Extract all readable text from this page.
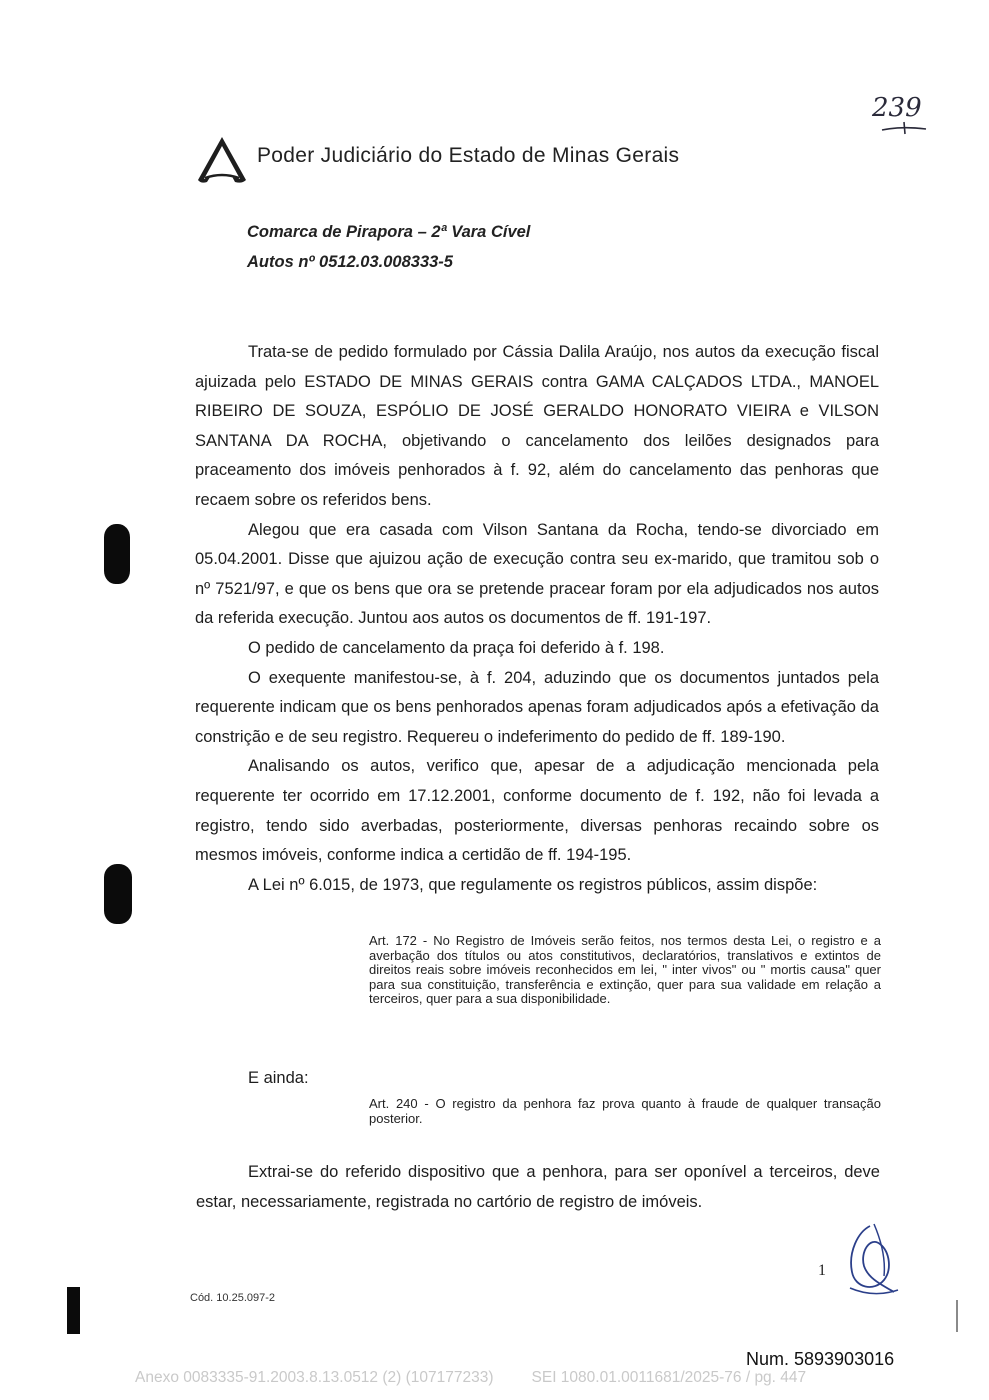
Poder Judiciário do Estado de Minas Gerais
239
Comarca de Pirapora – 2ª Vara Cível
Autos nº 0512.03.008333-5

Trata-se de pedido formulado por Cássia Dalila Araújo, nos autos da execução fiscal ajuizada pelo ESTADO DE MINAS GERAIS contra GAMA CALÇADOS LTDA., MANOEL RIBEIRO DE SOUZA, ESPÓLIO DE JOSÉ GERALDO HONORATO VIEIRA e VILSON SANTANA DA ROCHA, objetivando o cancelamento dos leilões designados para praceamento dos imóveis penhorados à f. 92, além do cancelamento das penhoras que recaem sobre os referidos bens.

Alegou que era casada com Vilson Santana da Rocha, tendo-se divorciado em 05.04.2001. Disse que ajuizou ação de execução contra seu ex-marido, que tramitou sob o nº 7521/97, e que os bens que ora se pretende pracear foram por ela adjudicados nos autos da referida execução. Juntou aos autos os documentos de ff. 191-197.

O pedido de cancelamento da praça foi deferido à f. 198.

O exequente manifestou-se, à f. 204, aduzindo que os documentos juntados pela requerente indicam que os bens penhorados apenas foram adjudicados após a efetivação da constrição e de seu registro. Requereu o indeferimento do pedido de ff. 189-190.

Analisando os autos, verifico que, apesar de a adjudicação mencionada pela requerente ter ocorrido em 17.12.2001, conforme documento de f. 192, não foi levada a registro, tendo sido averbadas, posteriormente, diversas penhoras recaindo sobre os mesmos imóveis, conforme indica a certidão de ff. 194-195.

A Lei nº 6.015, de 1973, que regulamente os registros públicos, assim dispõe:

Art. 172 - No Registro de Imóveis serão feitos, nos termos desta Lei, o registro e a averbação dos títulos ou atos constitutivos, declaratórios, translativos e extintos de direitos reais sobre imóveis reconhecidos em lei, " inter vivos" ou " mortis causa" quer para sua constituição, transferência e extinção, quer para sua validade em relação a terceiros, quer para a sua disponibilidade.
E ainda:
Art. 240 - O registro da penhora faz prova quanto à fraude de qualquer transação posterior.

Extrai-se do referido dispositivo que a penhora, para ser oponível a terceiros, deve estar, necessariamente, registrada no cartório de registro de imóveis.

1
Cód. 10.25.097-2
Num. 5893903016
Anexo 0083335-91.2003.8.13.0512 (2) (107177233) SEI 1080.01.0011681/2025-76 / pg. 447
